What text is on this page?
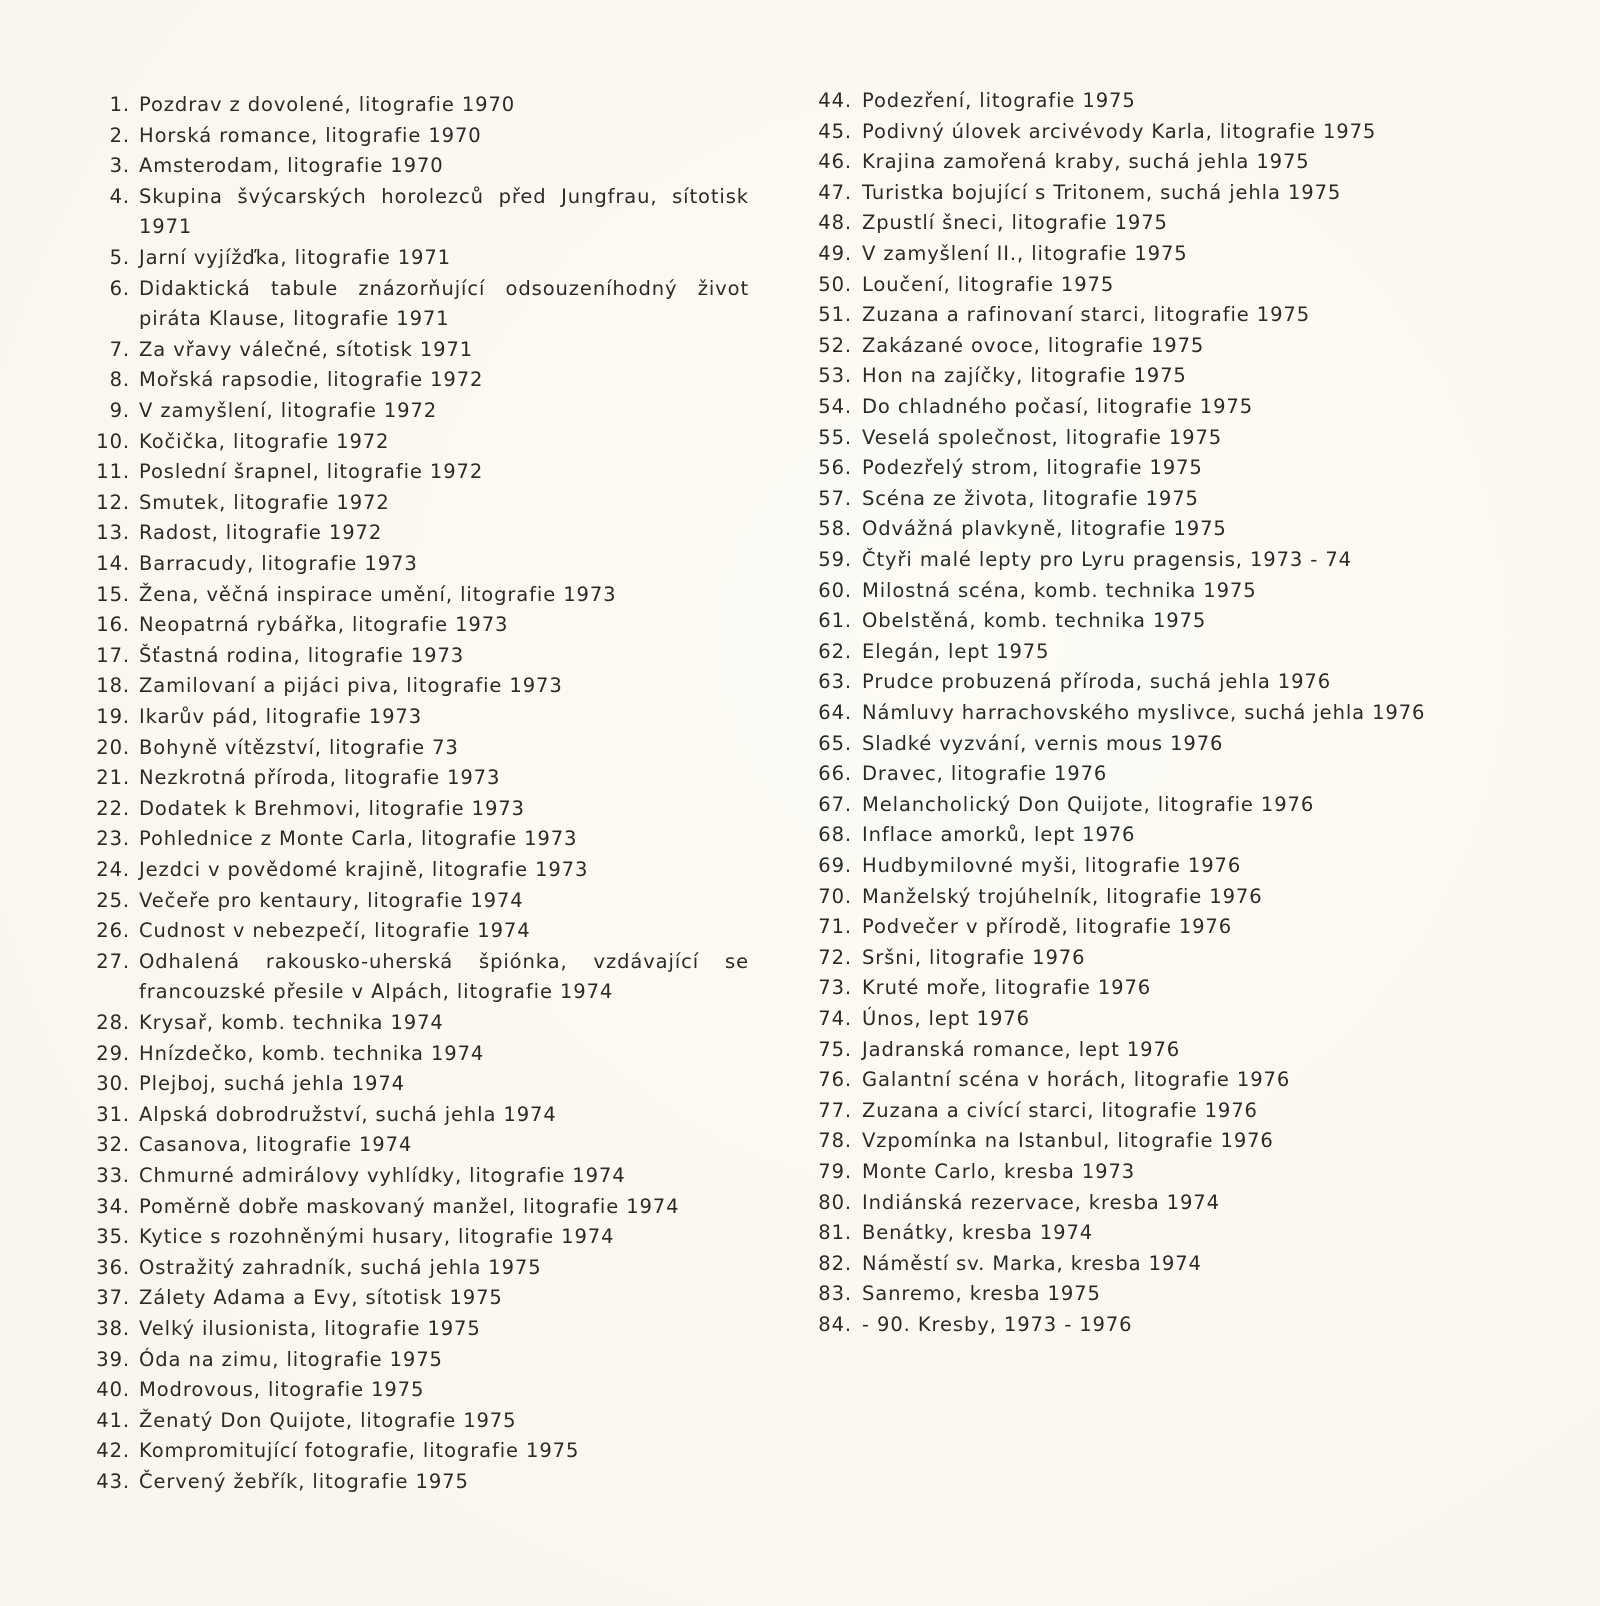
1. Pozdrav z dovolené, litografie 1970
2. Horská romance, litografie 1970
3. Amsterodam, litografie 1970
4. Skupina švýcarských horolezců před Jungfrau, sítotisk 1971
5. Jarní vyjížďka, litografie 1971
6. Didaktická tabule znázorňující odsouzeníhodný život piráta Klause, litografie 1971
7. Za vřavy válečné, sítotisk 1971
8. Mořská rapsodie, litografie 1972
9. V zamyšlení, litografie 1972
10. Kočička, litografie 1972
11. Poslední šrapnel, litografie 1972
12. Smutek, litografie 1972
13. Radost, litografie 1972
14. Barracudy, litografie 1973
15. Žena, věčná inspirace umění, litografie 1973
16. Neopatrná rybářka, litografie 1973
17. Šťastná rodina, litografie 1973
18. Zamilovaní a pijáci piva, litografie 1973
19. Ikarův pád, litografie 1973
20. Bohyně vítězství, litografie 73
21. Nezkrotná příroda, litografie 1973
22. Dodatek k Brehmovi, litografie 1973
23. Pohlednice z Monte Carla, litografie 1973
24. Jezdci v povědomé krajině, litografie 1973
25. Večeře pro kentaury, litografie 1974
26. Cudnost v nebezpečí, litografie 1974
27. Odhalená rakousko-uherská špiónka, vzdávající se francouzské přesile v Alpách, litografie 1974
28. Krysař, komb. technika 1974
29. Hnízdečko, komb. technika 1974
30. Plejboj, suchá jehla 1974
31. Alpská dobrodružství, suchá jehla 1974
32. Casanova, litografie 1974
33. Chmurné admirálovy vyhlídky, litografie 1974
34. Poměrně dobře maskovaný manžel, litografie 1974
35. Kytice s rozohněnými husary, litografie 1974
36. Ostražitý zahradník, suchá jehla 1975
37. Zálety Adama a Evy, sítotisk 1975
38. Velký ilusionista, litografie 1975
39. Óda na zimu, litografie 1975
40. Modrovous, litografie 1975
41. Ženatý Don Quijote, litografie 1975
42. Kompromitující fotografie, litografie 1975
43. Červený žebřík, litografie 1975
44. Podezření, litografie 1975
45. Podivný úlovek arcivévody Karla, litografie 1975
46. Krajina zamořená kraby, suchá jehla 1975
47. Turistka bojující s Tritonem, suchá jehla 1975
48. Zpustlí šneci, litografie 1975
49. V zamyšlení II., litografie 1975
50. Loučení, litografie 1975
51. Zuzana a rafinovaní starci, litografie 1975
52. Zakázané ovoce, litografie 1975
53. Hon na zajíčky, litografie 1975
54. Do chladného počasí, litografie 1975
55. Veselá společnost, litografie 1975
56. Podezřelý strom, litografie 1975
57. Scéna ze života, litografie 1975
58. Odvážná plavkyně, litografie 1975
59. Čtyři malé lepty pro Lyru pragensis, 1973 - 74
60. Milostná scéna, komb. technika 1975
61. Obelstěná, komb. technika 1975
62. Elegán, lept 1975
63. Prudce probuzená příroda, suchá jehla 1976
64. Námluvy harrachovského myslivce, suchá jehla 1976
65. Sladké vyzvání, vernis mous 1976
66. Dravec, litografie 1976
67. Melancholický Don Quijote, litografie 1976
68. Inflace amorků, lept 1976
69. Hudbymilovné myši, litografie 1976
70. Manželský trojúhelník, litografie 1976
71. Podvečer v přírodě, litografie 1976
72. Sršni, litografie 1976
73. Kruté moře, litografie 1976
74. Únos, lept 1976
75. Jadranská romance, lept 1976
76. Galantní scéna v horách, litografie 1976
77. Zuzana a civící starci, litografie 1976
78. Vzpomínka na Istanbul, litografie 1976
79. Monte Carlo, kresba 1973
80. Indiánská rezervace, kresba 1974
81. Benátky, kresba 1974
82. Náměstí sv. Marka, kresba 1974
83. Sanremo, kresba 1975
84. - 90. Kresby, 1973 - 1976
